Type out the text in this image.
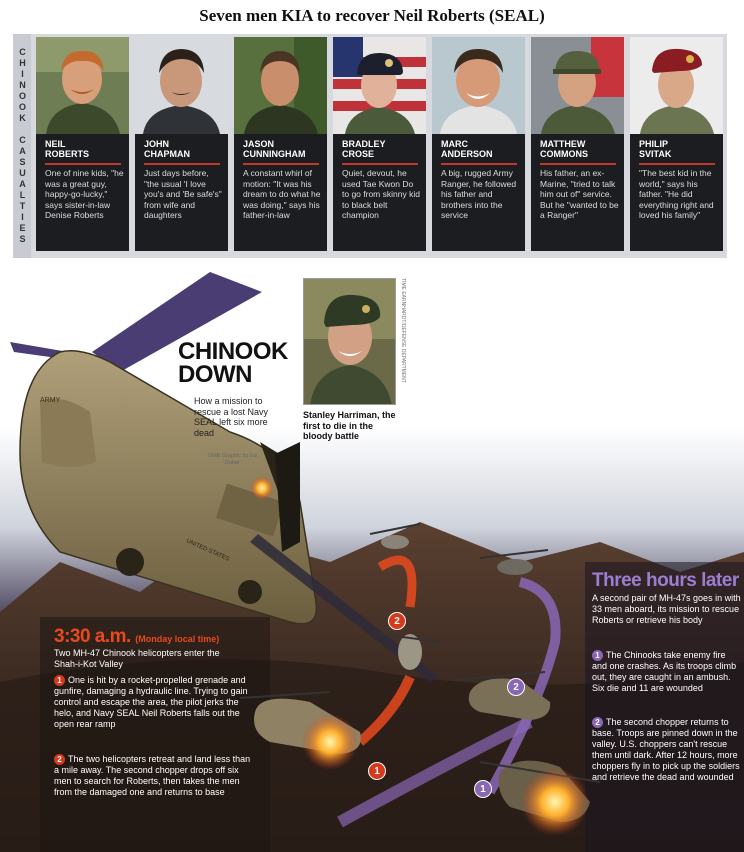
Seven men KIA to recover Neil Roberts (SEAL)
CHINOOK CASUALTIES NEIL
ROBERTS
One of nine kids, "he was a great guy, happy-go-lucky," says sister-in-law Denise Roberts
JOHN
CHAPMAN
Just days before, "the usual 'I love you's and 'Be safe's" from wife and daughters
JASON
CUNNINGHAM
A constant whirl of motion: "It was his dream to do what he was doing," says his father-in-law
BRADLEY
CROSE
Quiet, devout, he used Tae Kwon Do to go from skinny kid to black belt champion
MARC
ANDERSON
A big, rugged Army Ranger, he followed his father and brothers into the service
MATTHEW
COMMONS
His father, an ex-Marine, "tried to talk him out of" service. But he "wanted to be a Ranger"
PHILIP
SVITAK
"The best kid in the world," says his father. "He did everything right and loved his family"
UNITED STATES
ARMY
CHINOOK
DOWN
How a mission to rescue a lost Navy SEAL left six more dead
TIME Graphic by Ed Gabel
TIME EARNHARDT/DEFENSE DEPARTMENT
Stanley Harriman, the first to die in the bloody battle
3:30 a.m. (Monday local time)
Two MH-47 Chinook helicopters enter the Shah-i-Kot Valley
1 One is hit by a rocket-propelled grenade and gunfire, damaging a hydraulic line. Trying to gain control and escape the area, the pilot jerks the helo, and Navy SEAL Neil Roberts falls out the open rear ramp
2 The two helicopters retreat and land less than a mile away. The second chopper drops off six men to search for Roberts, then takes the men from the damaged one and returns to base
Three hours later
A second pair of MH-47s goes in with 33 men aboard, its mission to rescue Roberts or retrieve his body
1 The Chinooks take enemy fire and one crashes. As its troops climb out, they are caught in an ambush. Six die and 11 are wounded
2 The second chopper returns to base. Troops are pinned down in the valley. U.S. choppers can't rescue them until dark. After 12 hours, more choppers fly in to pick up the soldiers and retrieve the dead and wounded
2
1
2
1
